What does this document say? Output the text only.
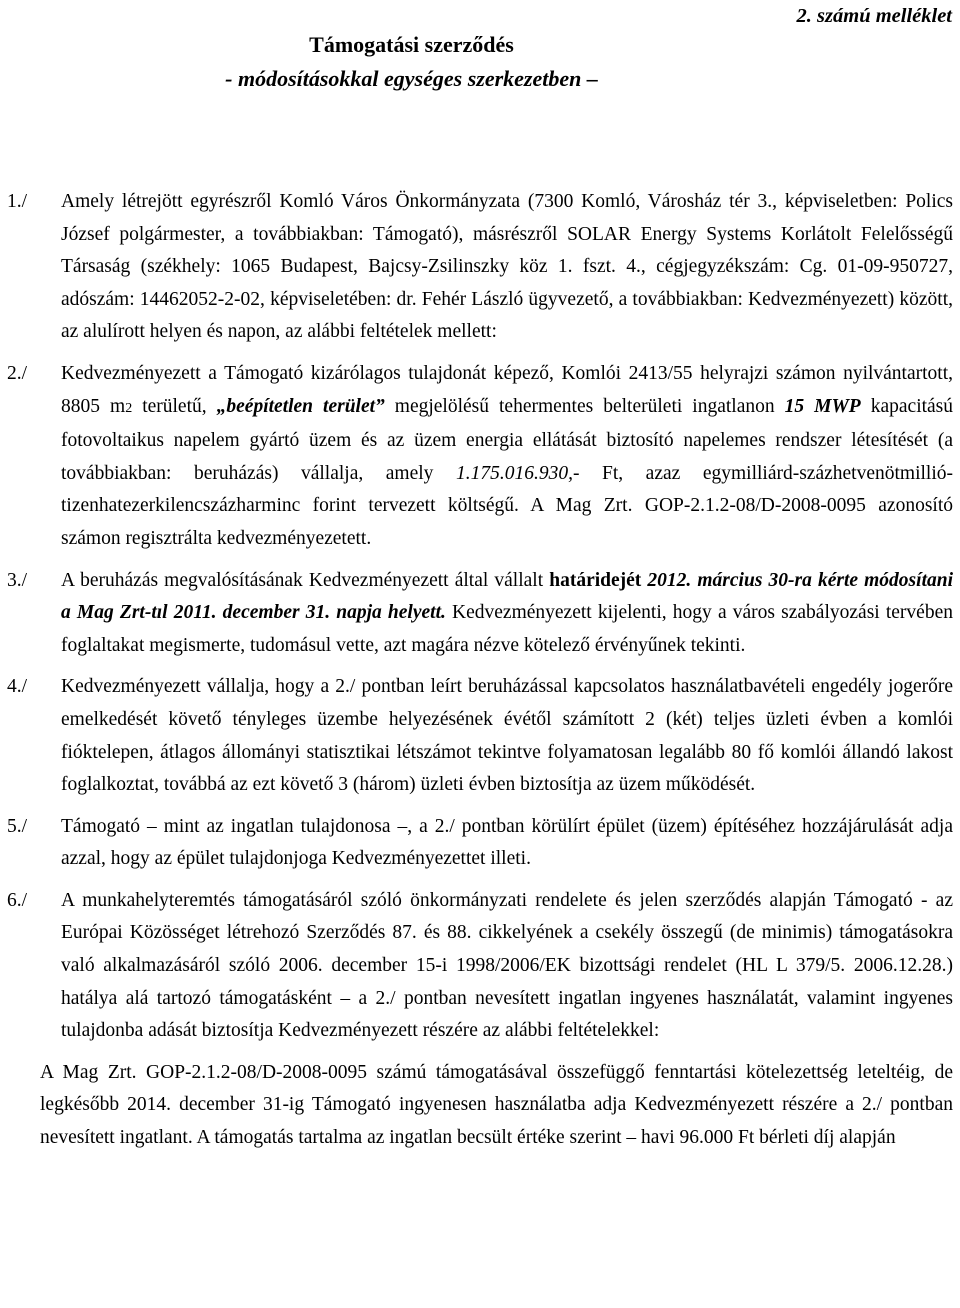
2. számú melléklet
Támogatási szerződés
- módosításokkal egységes szerkezetben –
1./	Amely létrejött egyrészről Komló Város Önkormányzata (7300 Komló, Városház tér 3., képviseletben: Polics József polgármester, a továbbiakban: Támogató), másrészről SOLAR Energy Systems Korlátolt Felelősségű Társaság (székhely: 1065 Budapest, Bajcsy-Zsilinszky köz 1. fszt. 4., cégjegyzékszám: Cg. 01-09-950727, adószám: 14462052-2-02, képviseletében: dr. Fehér László ügyvezető, a továbbiakban: Kedvezményezett) között, az alulírott helyen és napon, az alábbi feltételek mellett:
2./	Kedvezményezett a Támogató kizárólagos tulajdonát képező, Komlói 2413/55 helyrajzi számon nyilvántartott, 8805 m2 területű, „beépítetlen terület” megjelölésű tehermentes belterületi ingatlanon 15 MWP kapacitású fotovoltaikus napelem gyártó üzem és az üzem energia ellátását biztosító napelemes rendszer létesítését (a továbbiakban: beruházás) vállalja, amely 1.175.016.930,- Ft, azaz egymilliárd-százhetvenötmillió-tizenhatezerkilencszázharminc forint tervezett költségű. A Mag Zrt. GOP-2.1.2-08/D-2008-0095 azonosító számon regisztrálta kedvezményezetett.
3./	A beruházás megvalósításának Kedvezményezett által vállalt határidejét 2012. március 30-ra kérte módosítani a Mag Zrt-tıl 2011. december 31. napja helyett. Kedvezményezett kijelenti, hogy a város szabályozási tervében foglaltakat megismerte, tudomásul vette, azt magára nézve kötelező érvényűnek tekinti.
4./	Kedvezményezett vállalja, hogy a 2./ pontban leírt beruházással kapcsolatos használatbavételi engedély jogerőre emelkedését követő tényleges üzembe helyezésének évétől számított 2 (két) teljes üzleti évben a komlói fióktelepen, átlagos állományi statisztikai létszámot tekintve folyamatosan legalább 80 fő komlói állandó lakost foglalkoztat, továbbá az ezt követő 3 (három) üzleti évben biztosítja az üzem működését.
5./	Támogató – mint az ingatlan tulajdonosa –, a 2./ pontban körülírt épület (üzem) építéséhez hozzájárulását adja azzal, hogy az épület tulajdonjoga Kedvezményezettet illeti.
6./	A munkahelyteremtés támogatásáról szóló önkormányzati rendelete és jelen szerződés alapján Támogató - az Európai Közösséget létrehozó Szerződés 87. és 88. cikkelyének a csekély összegű (de minimis) támogatásokra való alkalmazásáról szóló 2006. december 15-i 1998/2006/EK bizottsági rendelet (HL L 379/5. 2006.12.28.) hatálya alá tartozó támogatásként – a 2./ pontban nevesített ingatlan ingyenes használatát, valamint ingyenes tulajdonba adását biztosítja Kedvezményezett részére az alábbi feltételekkel:
A Mag Zrt. GOP-2.1.2-08/D-2008-0095 számú támogatásával összefüggő fenntartási kötelezettség leteltéig, de legkésőbb 2014. december 31-ig Támogató ingyenesen használatba adja Kedvezményezett részére a 2./ pontban nevesített ingatlant. A támogatás tartalma az ingatlan becsült értéke szerint – havi 96.000 Ft bérleti díj alapján
